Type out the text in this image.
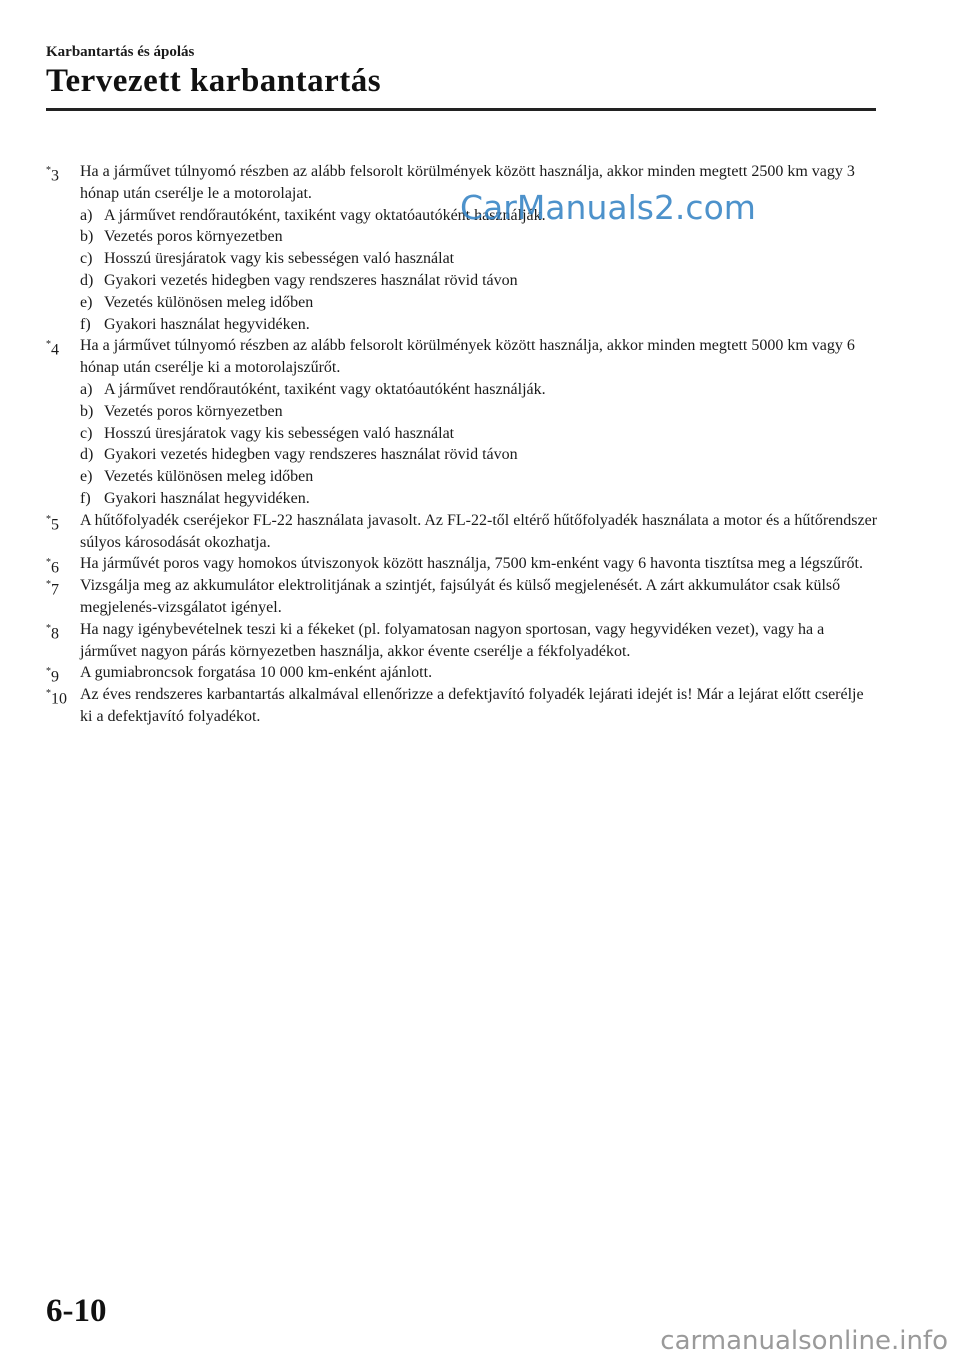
Karbantartás és ápolás
Tervezett karbantartás
*3 Ha a járművet túlnyomó részben az alább felsorolt körülmények között használja, akkor minden megtett 2500 km vagy 3 hónap után cserélje le a motorolajat.
a) A járművet rendőrautóként, taxiként vagy oktatóautóként használják.
b) Vezetés poros környezetben
c) Hosszú üresjáratok vagy kis sebességen való használat
d) Gyakori vezetés hidegben vagy rendszeres használat rövid távon
e) Vezetés különösen meleg időben
f) Gyakori használat hegyvidéken.
*4 Ha a járművet túlnyomó részben az alább felsorolt körülmények között használja, akkor minden megtett 5000 km vagy 6 hónap után cserélje ki a motorolajszűrőt.
a) A járművet rendőrautóként, taxiként vagy oktatóautóként használják.
b) Vezetés poros környezetben
c) Hosszú üresjáratok vagy kis sebességen való használat
d) Gyakori vezetés hidegben vagy rendszeres használat rövid távon
e) Vezetés különösen meleg időben
f) Gyakori használat hegyvidéken.
*5 A hűtőfolyadék cseréjekor FL-22 használata javasolt. Az FL-22-től eltérő hűtőfolyadék használata a motor és a hűtőrendszer súlyos károsodását okozhatja.
*6 Ha járművét poros vagy homokos útviszonyok között használja, 7500 km-enként vagy 6 havonta tisztítsa meg a légszűrőt.
*7 Vizsgálja meg az akkumulátor elektrolitjának a szintjét, fajsúlyát és külső megjelenését. A zárt akkumulátor csak külső megjelenés-vizsgálatot igényel.
*8 Ha nagy igénybevételnek teszi ki a fékeket (pl. folyamatosan nagyon sportosan, vagy hegyvidéken vezet), vagy ha a járművet nagyon párás környezetben használja, akkor évente cserélje a fékfolyadékot.
*9 A gumiabroncsok forgatása 10 000 km-enként ajánlott.
*10 Az éves rendszeres karbantartás alkalmával ellenőrizze a defektjavító folyadék lejárati idejét is! Már a lejárat előtt cserélje ki a defektjavító folyadékot.
CarManuals2.com
6-10
carmanualsonline.info
